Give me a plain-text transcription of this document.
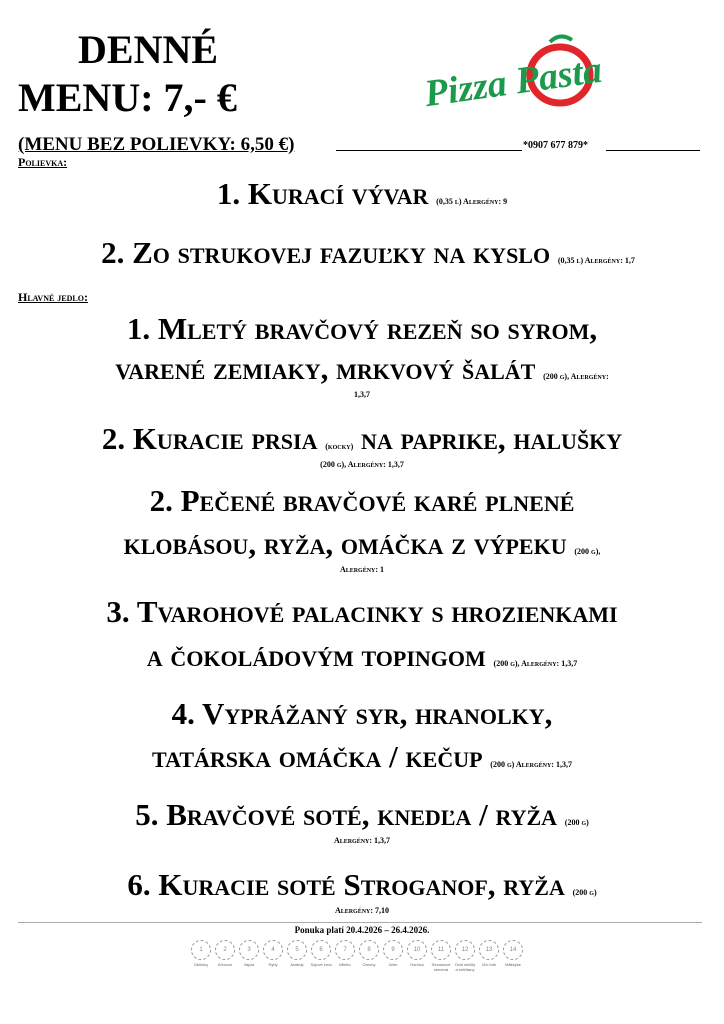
DENNÉ
MENU: 7,- €	Pizza Pasta
(MENU BEZ POLIEVKY: 6,50 €)	*0907 677 879*
Polievka:
1. Kurací vývar (0,35 l) Alergény: 9
2. Zo strukovej fazuľky na kyslo (0,35 l) Alergény: 1,7
Hlavné jedlo:
1. Mletý bravčový rezeň so syrom,
varené zemiaky, mrkvový šalát (200 g), Alergény:
1,3,7
2. Kuracie prsia (kocky) na paprike, halušky
(200 g), Alergény: 1,3,7
2. Pečené bravčové karé plnené
klobásou, ryža, omáčka z výpeku (200 g),
Alergény: 1
3. Tvarohové palacinky s hrozienkami
a čokoládovým topingom (200 g), Alergény: 1,3,7
4. Vyprážaný syr, hranolky,
tatárska omáčka / kečup (200 g) Alergény: 1,3,7
5. Bravčové soté, knedľa / ryža (200 g)
Alergény: 1,3,7
6. Kuracie soté Stroganof, ryža (200 g)
Alergény: 7,10
Ponuka platí 20.4.2026 – 26.4.2026.
1
Obilniny
2
Kôrovce
3
Vajcia
4
Ryby
5
Arašidy
6
Sójové zrná
7
Mlieko
8
Orechy
9
Zeler
10
Horčica
11
Sezamové semená
12
Oxid siričitý a siričitany
13
Vlčí bôb
14
Mäkkýše
